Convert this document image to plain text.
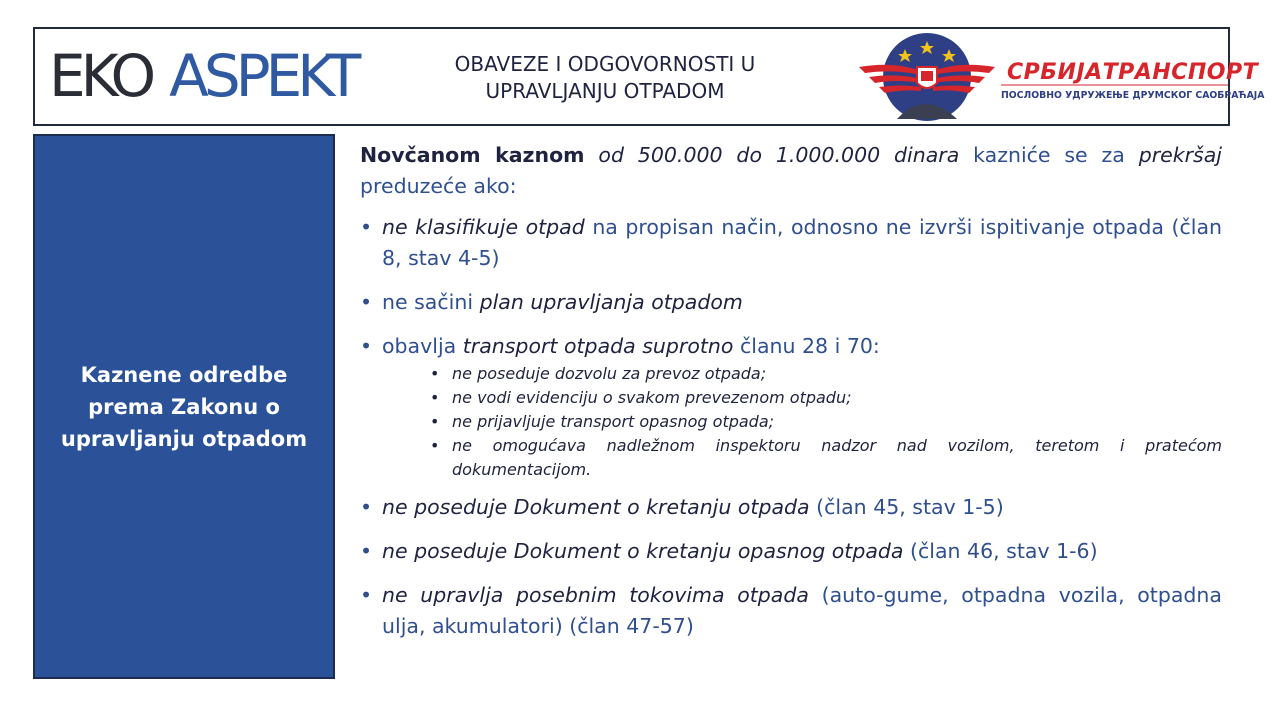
EKO ASPEKT	OBAVEZE I ODGOVORNOSTI U
UPRAVLJANJU OTPADOM
СРБИЈАТРАНСПОРТ
ПОСЛОВНО УДРУЖЕЊЕ ДРУМСКОГ САОБРАЋАЈА
Kaznene odredbe
prema Zakonu o
upravljanju otpadom

Novčanom kaznom od 500.000 do 1.000.000 dinara kazniće se za prekršaj preduzeće ako:

• ne klasifikuje otpad na propisan način, odnosno ne izvrši ispitivanje otpada (član 8, stav 4-5)
• ne sačini plan upravljanja otpadom
• obavlja transport otpada suprotno članu 28 i 70:
• ne poseduje dozvolu za prevoz otpada;
• ne vodi evidenciju o svakom prevezenom otpadu;
• ne prijavljuje transport opasnog otpada;
• ne omogućava nadležnom inspektoru nadzor nad vozilom, teretom i pratećom dokumentacijom.
• ne poseduje Dokument o kretanju otpada (član 45, stav 1-5)
• ne poseduje Dokument o kretanju opasnog otpada (član 46, stav 1-6)
• ne upravlja posebnim tokovima otpada (auto-gume, otpadna vozila, otpadna ulja, akumulatori) (član 47-57)
